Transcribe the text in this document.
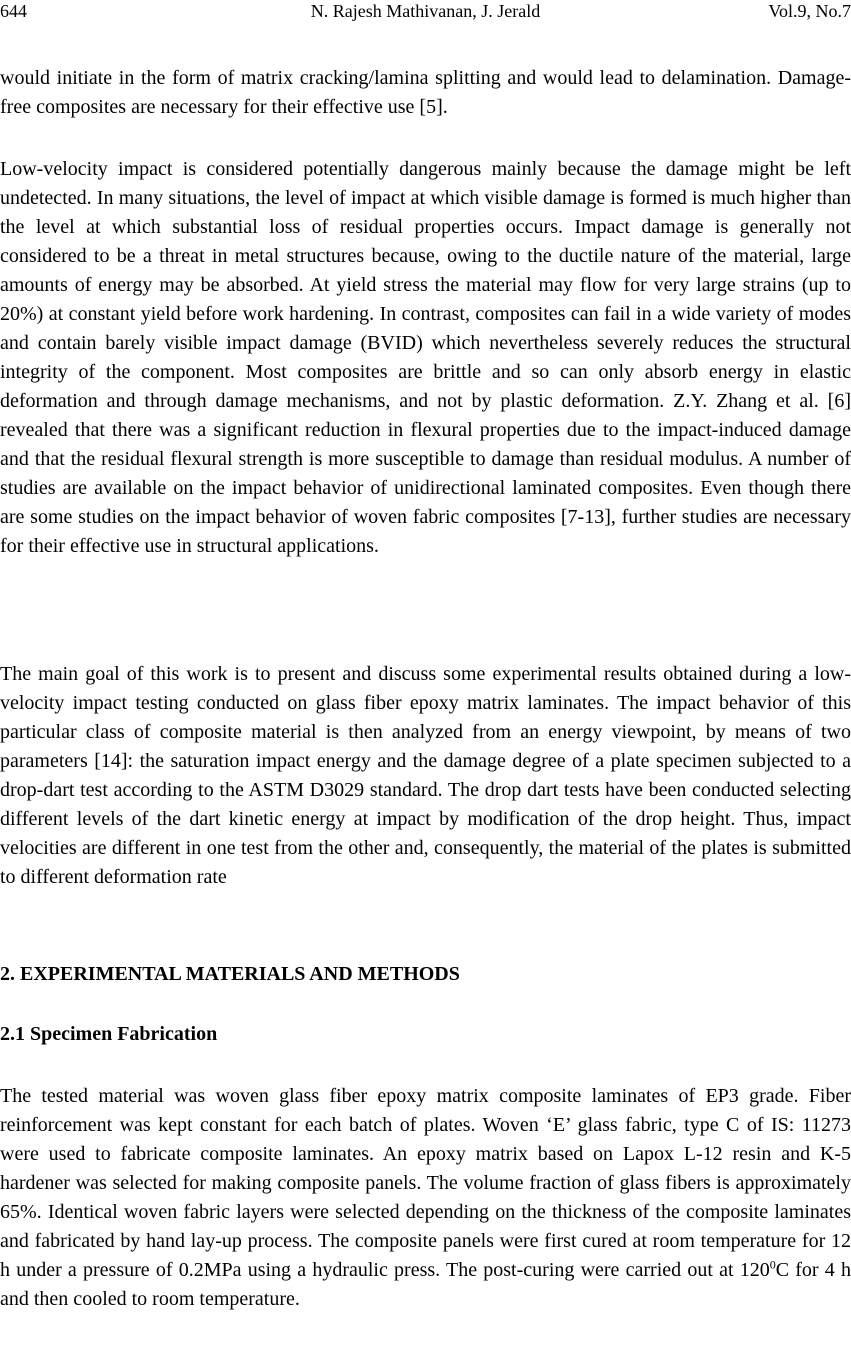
644	N. Rajesh Mathivanan, J. Jerald	Vol.9, No.7

would initiate in the form of matrix cracking/lamina splitting and would lead to delamination. Damage-free composites are necessary for their effective use [5].

Low-velocity impact is considered potentially dangerous mainly because the damage might be left undetected. In many situations, the level of impact at which visible damage is formed is much higher than the level at which substantial loss of residual properties occurs. Impact damage is generally not considered to be a threat in metal structures because, owing to the ductile nature of the material, large amounts of energy may be absorbed. At yield stress the material may flow for very large strains (up to 20%) at constant yield before work hardening. In contrast, composites can fail in a wide variety of modes and contain barely visible impact damage (BVID) which nevertheless severely reduces the structural integrity of the component. Most composites are brittle and so can only absorb energy in elastic deformation and through damage mechanisms, and not by plastic deformation. Z.Y. Zhang et al. [6] revealed that there was a significant reduction in flexural properties due to the impact-induced damage and that the residual flexural strength is more susceptible to damage than residual modulus. A number of studies are available on the impact behavior of unidirectional laminated composites. Even though there are some studies on the impact behavior of woven fabric composites [7-13], further studies are necessary for their effective use in structural applications.

The main goal of this work is to present and discuss some experimental results obtained during a low-velocity impact testing conducted on glass fiber epoxy matrix laminates. The impact behavior of this particular class of composite material is then analyzed from an energy viewpoint, by means of two parameters [14]: the saturation impact energy and the damage degree of a plate specimen subjected to a drop-dart test according to the ASTM D3029 standard. The drop dart tests have been conducted selecting different levels of the dart kinetic energy at impact by modification of the drop height. Thus, impact velocities are different in one test from the other and, consequently, the material of the plates is submitted to different deformation rate

2. EXPERIMENTAL MATERIALS AND METHODS
2.1 Specimen Fabrication

The tested material was woven glass fiber epoxy matrix composite laminates of EP3 grade. Fiber reinforcement was kept constant for each batch of plates. Woven ‘E’ glass fabric, type C of IS: 11273 were used to fabricate composite laminates. An epoxy matrix based on Lapox L-12 resin and K-5 hardener was selected for making composite panels. The volume fraction of glass fibers is approximately 65%. Identical woven fabric layers were selected depending on the thickness of the composite laminates and fabricated by hand lay-up process. The composite panels were first cured at room temperature for 12 h under a pressure of 0.2MPa using a hydraulic press. The post-curing were carried out at $120^0C$ for 4 h and then cooled to room temperature.
